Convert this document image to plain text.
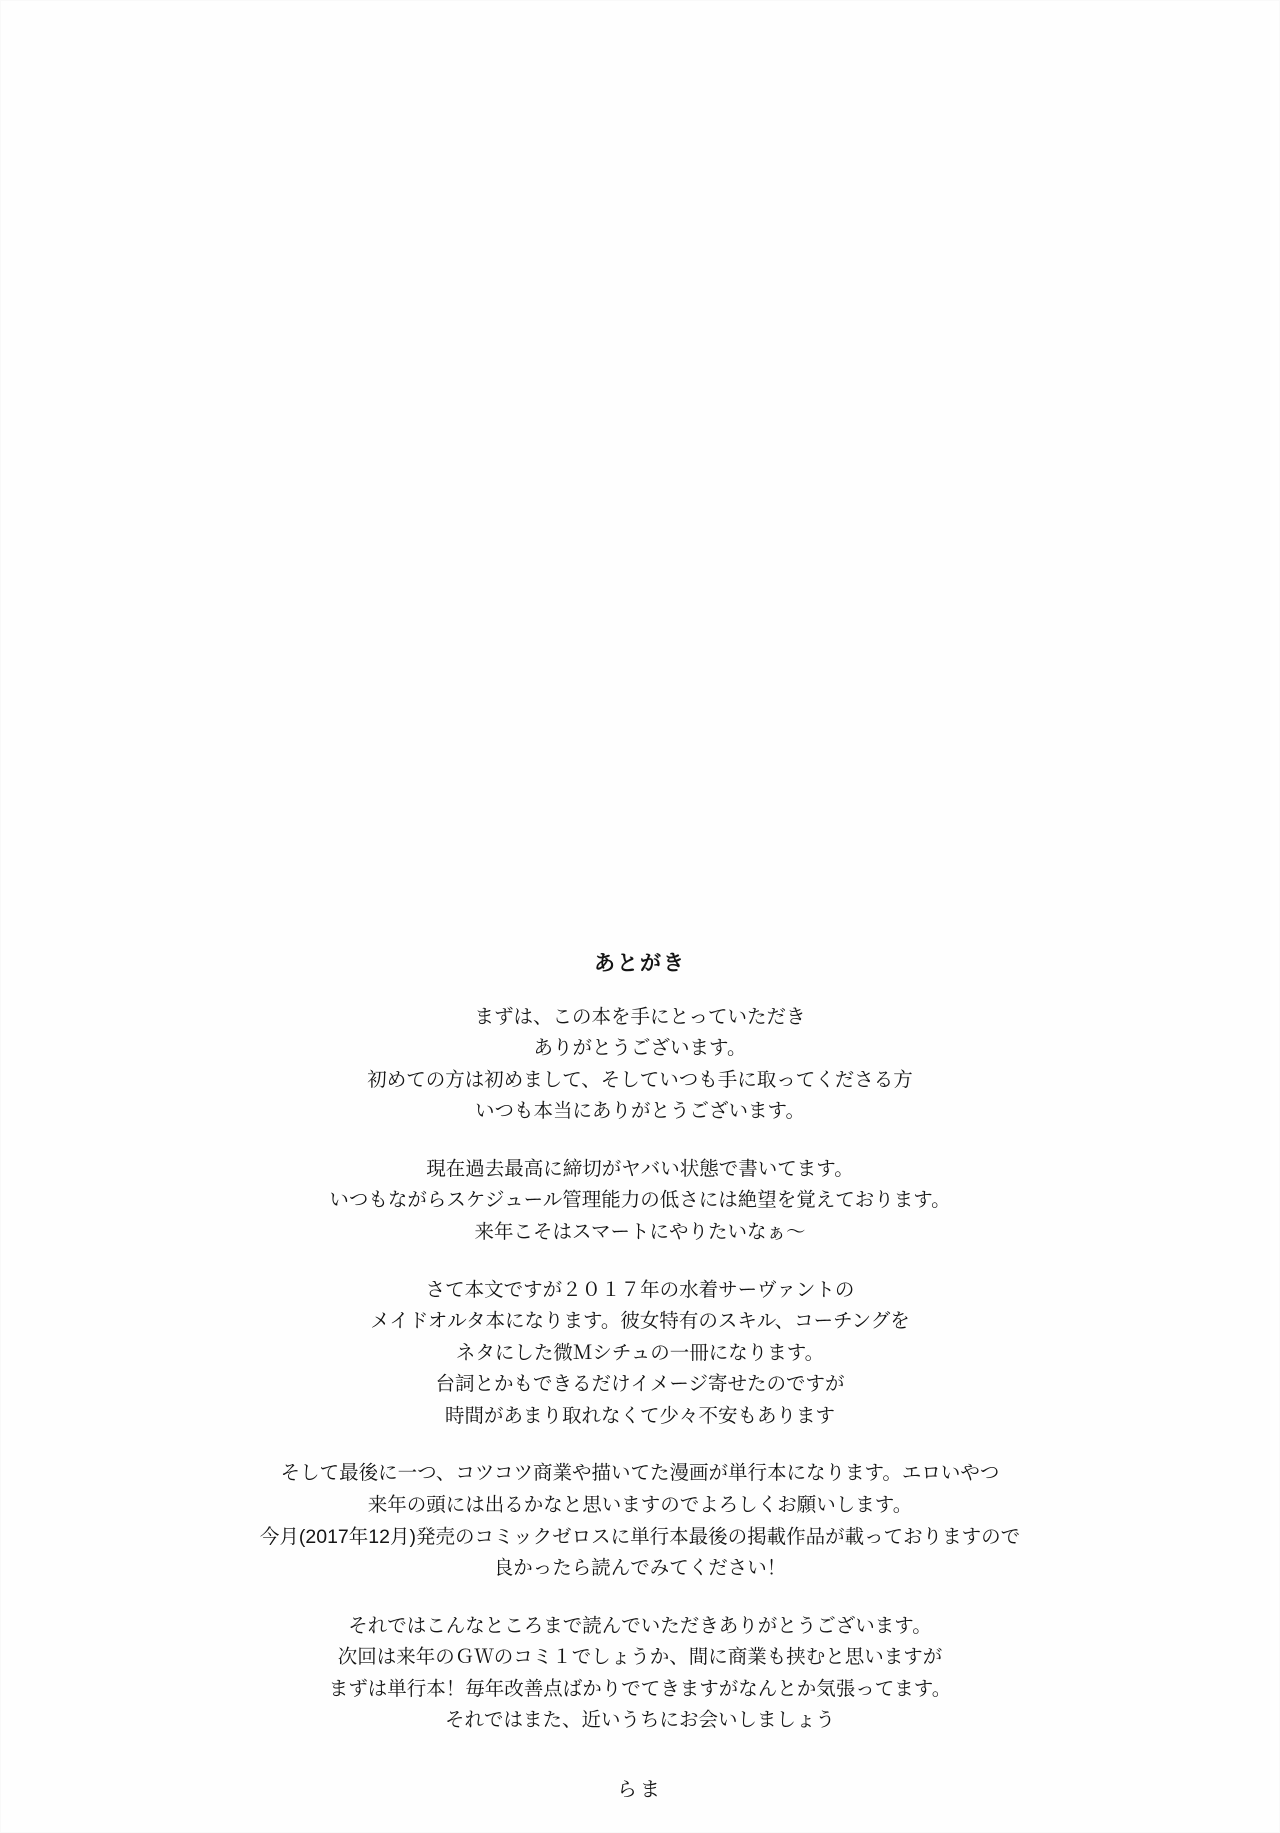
あとがき

まずは、この本を手にとっていただき

ありがとうございます。

初めての方は初めまして、そしていつも手に取ってくださる方

いつも本当にありがとうございます。

現在過去最高に締切がヤバい状態で書いてます。

いつもながらスケジュール管理能力の低さには絶望を覚えております。

来年こそはスマートにやりたいなぁ～

さて本文ですが２０１７年の水着サーヴァントの

メイドオルタ本になります。彼女特有のスキル、コーチングを

ネタにした微Ｍシチュの一冊になります。

台詞とかもできるだけイメージ寄せたのですが

時間があまり取れなくて少々不安もあります

そして最後に一つ、コツコツ商業や描いてた漫画が単行本になります。エロいやつ

来年の頭には出るかなと思いますのでよろしくお願いします。

今月(2017年12月)発売のコミックゼロスに単行本最後の掲載作品が載っておりますので

良かったら読んでみてください！

それではこんなところまで読んでいただきありがとうございます。

次回は来年のＧＷのコミ１でしょうか、間に商業も挟むと思いますが

まずは単行本！毎年改善点ばかりでてきますがなんとか気張ってます。

それではまた、近いうちにお会いしましょう

らま
